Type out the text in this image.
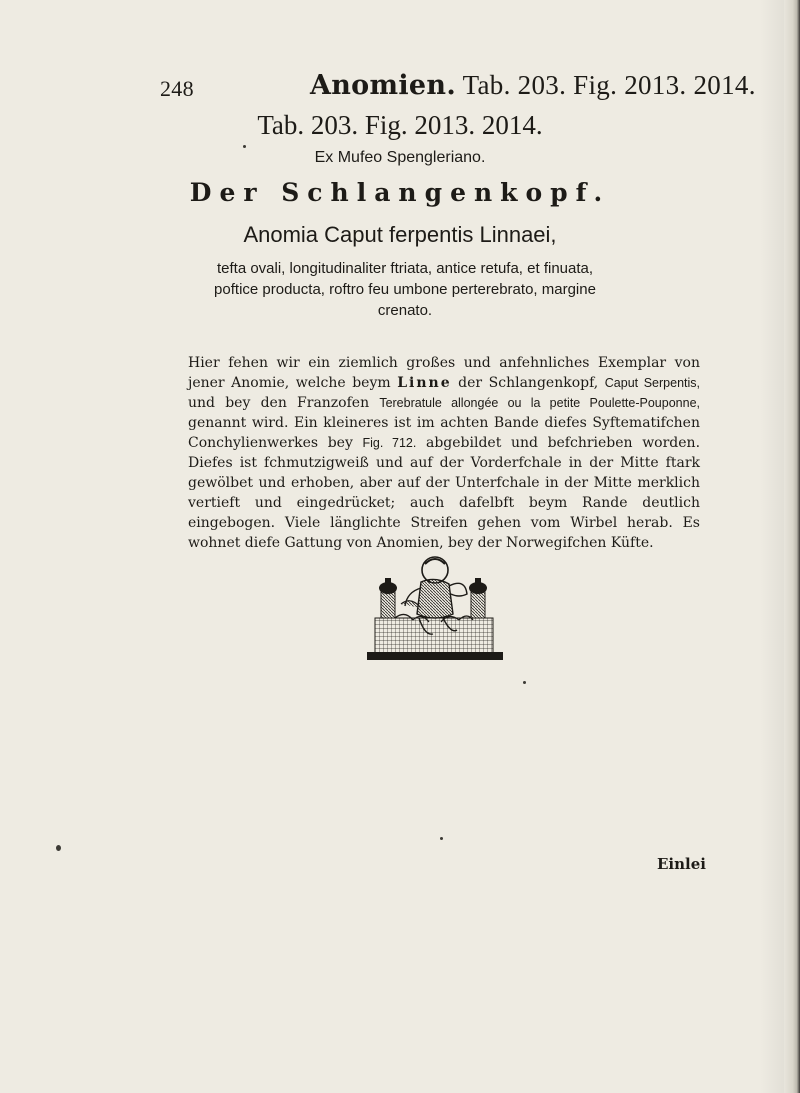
248	Anomien. Tab. 203. Fig. 2013. 2014.
Tab. 203. Fig. 2013. 2014.
Ex Mufeo Spengleriano.
Der Schlangenkopf.
Anomia Caput ferpentis Linnaei,
tefta ovali, longitudinaliter ftriata, antice retufa, et finuata, poftice producta, roftro feu umbone perterebrato, margine crenato.
Hier fehen wir ein ziemlich großes und anfehnliches Exemplar von jener Anomie, welche beym Linne der Schlangenkopf, Caput Serpentis, und bey den Franzofen Terebratule allongée ou la petite Poulette-Pouponne, genannt wird. Ein kleineres ist im achten Bande diefes Syftematifchen Conchylienwerkes bey Fig. 712. abgebildet und befchrieben worden. Diefes ist fchmutzigweiß und auf der Vorderfchale in der Mitte ftark gewölbet und erhoben, aber auf der Unterfchale in der Mitte merklich vertieft und eingedrücket; auch dafelbft beym Rande deutlich eingebogen. Viele länglichte Streifen gehen vom Wirbel herab. Es wohnet diefe Gattung von Anomien, bey der Norwegifchen Küfte.
Einlei
